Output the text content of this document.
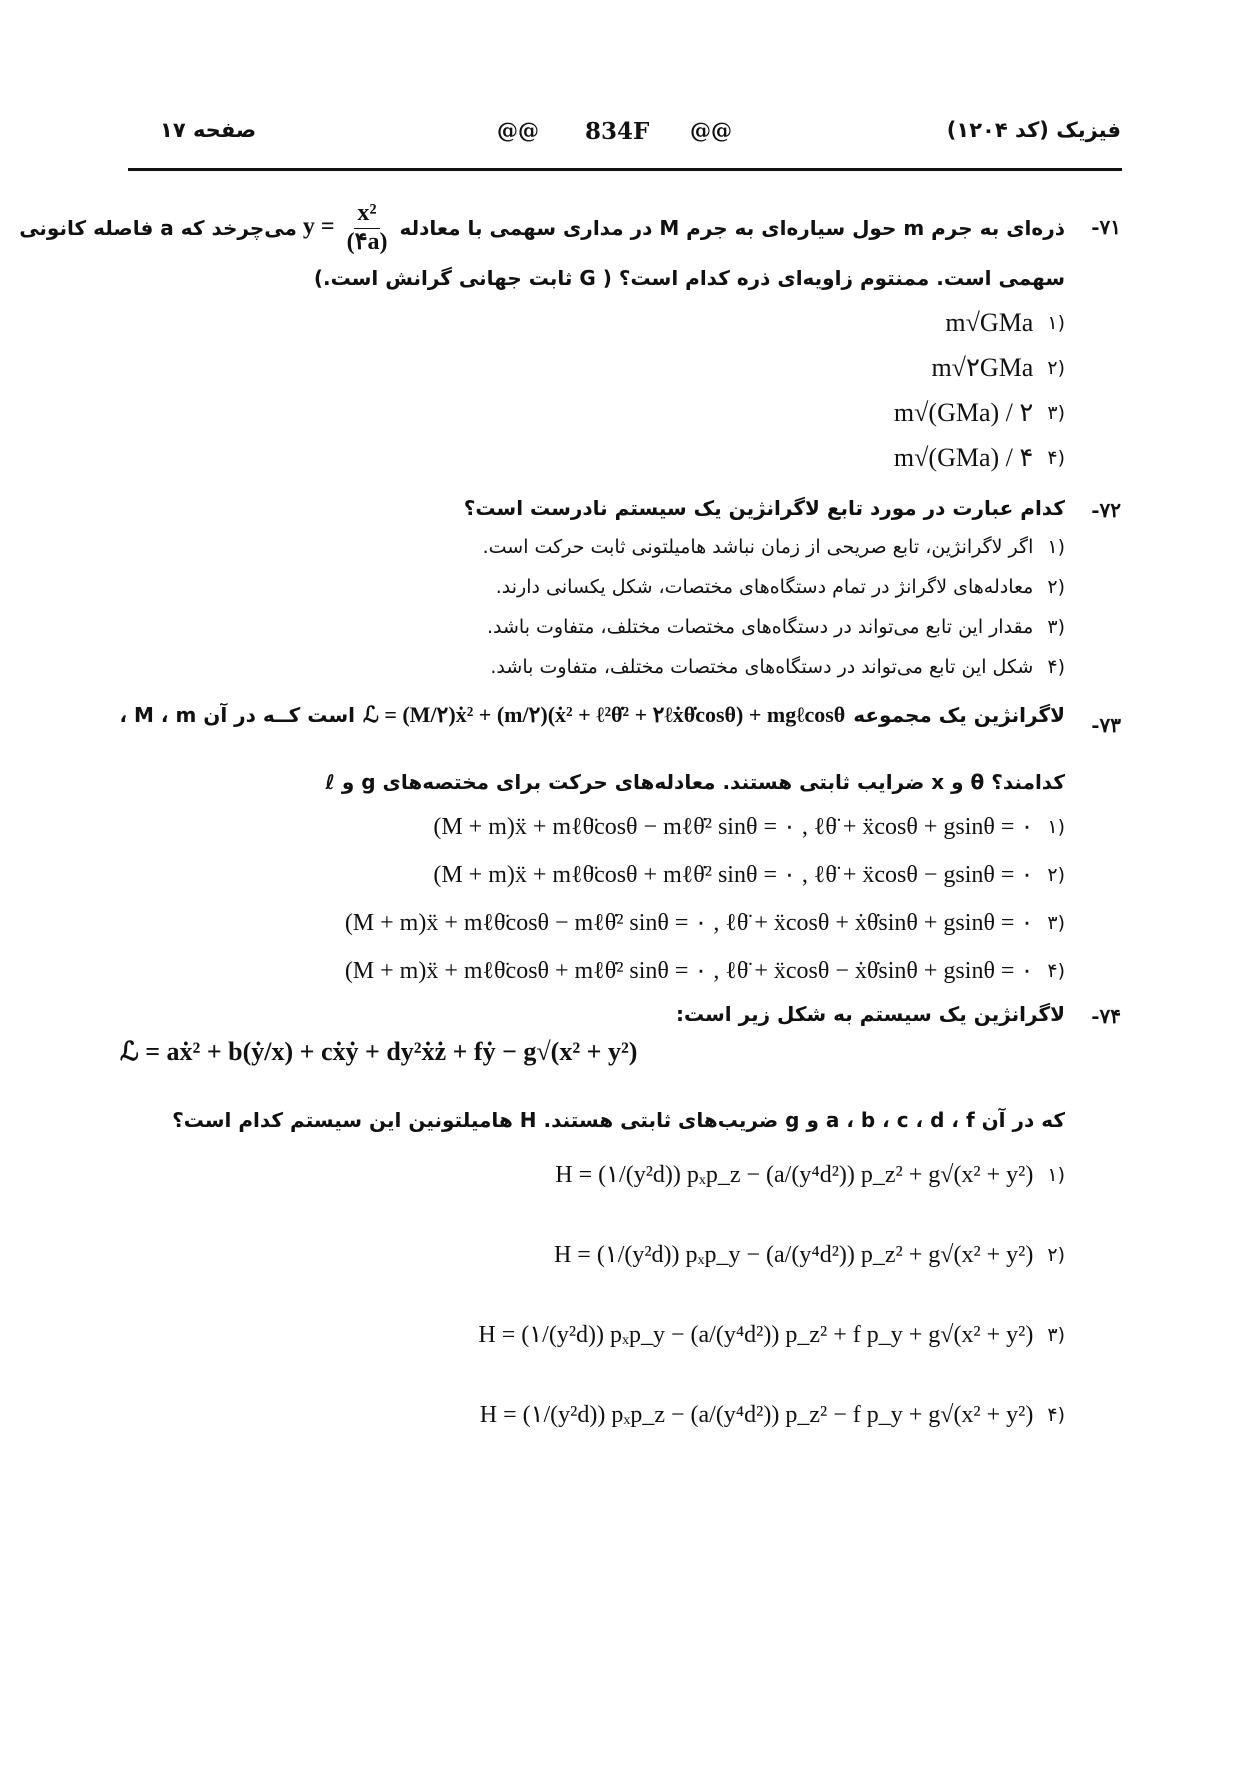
صفحه ۱۷	@@ 834F @@	فیزیک (کد ۱۲۰۴)
-۷۱
ذره‌ای به جرم m حول سیاره‌ای به جرم M در مداری سهمی با معادله
$y = \frac{\text{x²}}{(۴a)}$
می‌چرخد که a فاصله کانونی
سهمی است. ممنتوم زاویه‌ای ذره کدام است؟ ( G ثابت جهانی گرانش است.)
(۱
m√GMa
(۲
m√۲GMa
(۳
m√(GMa) / ۲
(۴
m√(GMa) / ۴
-۷۲
کدام عبارت در مورد تابع لاگرانژین یک سیستم نادرست است؟
(۱
اگر لاگرانژین، تابع صریحی از زمان نباشد هامیلتونی ثابت حرکت است.
(۲
معادله‌های لاگرانژ در تمام دستگاه‌های مختصات، شکل یکسانی دارند.
(۳
مقدار این تابع می‌تواند در دستگاه‌های مختصات مختلف، متفاوت باشد.
(۴
شکل این تابع می‌تواند در دستگاه‌های مختصات مختلف، متفاوت باشد.
-۷۳
لاگرانژین یک مجموعه
ℒ = (M/۲)ẋ² + (m/۲)(ẋ² + ℓ²θ̇² + ۲ℓẋθ̇cosθ) + mgℓcosθ
است کــه در آن M ، m ،
ℓ و g ضرایب ثابتی هستند. معادله‌های حرکت برای مختصه‌های x و θ کدامند؟
(۱
(M + m)ẍ + mℓθ̈cosθ − mℓθ̇² sinθ = ۰ , ℓθ̈ + ẍcosθ + gsinθ = ۰
(۲
(M + m)ẍ + mℓθ̈cosθ + mℓθ̇² sinθ = ۰ , ℓθ̈ + ẍcosθ − gsinθ = ۰
(۳
(M + m)ẍ + mℓθ̈cosθ − mℓθ̇² sinθ = ۰ , ℓθ̈ + ẍcosθ + ẋθ̇sinθ + gsinθ = ۰
(۴
(M + m)ẍ + mℓθ̈cosθ + mℓθ̇² sinθ = ۰ , ℓθ̈ + ẍcosθ − ẋθ̇sinθ + gsinθ = ۰
-۷۴
لاگرانژین یک سیستم به شکل زیر است:
ℒ = aẋ² + b(ẏ/x) + cẋẏ + dy²ẋż + fẏ − g√(x² + y²)
که در آن a ، b ، c ، d ، f و g ضریب‌های ثابتی هستند. H هامیلتونین این سیستم کدام است؟
(۱
H = (۱/(y²d)) pₓp_z − (a/(y⁴d²)) p_z² + g√(x² + y²)
(۲
H = (۱/(y²d)) pₓp_y − (a/(y⁴d²)) p_z² + g√(x² + y²)
(۳
H = (۱/(y²d)) pₓp_y − (a/(y⁴d²)) p_z² + f p_y + g√(x² + y²)
(۴
H = (۱/(y²d)) pₓp_z − (a/(y⁴d²)) p_z² − f p_y + g√(x² + y²)
